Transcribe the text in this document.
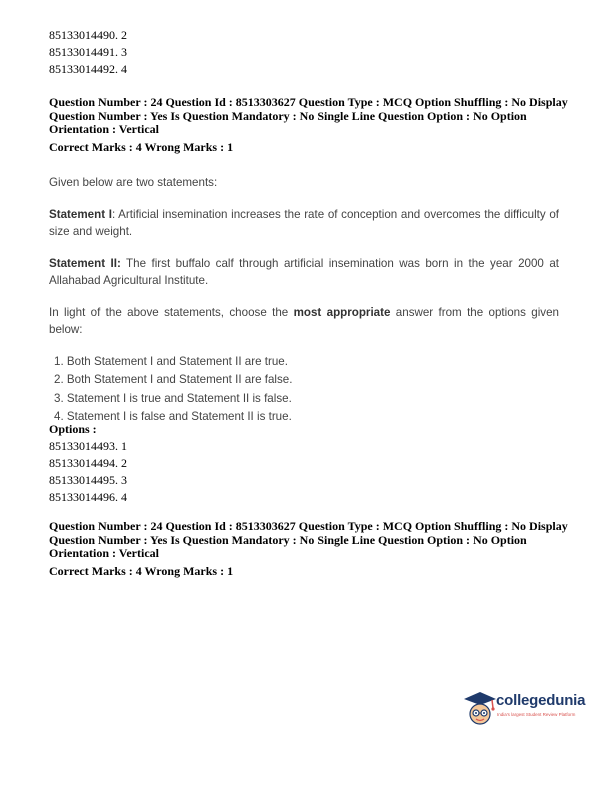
85133014490. 2
85133014491. 3
85133014492. 4
Question Number : 24 Question Id : 8513303627 Question Type : MCQ Option Shuffling : No Display
Question Number : Yes Is Question Mandatory : No Single Line Question Option : No Option
Orientation : Vertical
Correct Marks : 4 Wrong Marks : 1

Given below are two statements:

Statement I: Artificial insemination increases the rate of conception and overcomes the difficulty of size and weight.

Statement II: The first buffalo calf through artificial insemination was born in the year 2000 at Allahabad Agricultural Institute.

In light of the above statements, choose the most appropriate answer from the options given below:

1. Both Statement I and Statement II are true.
2. Both Statement I and Statement II are false.
3. Statement I is true and Statement II is false.
4. Statement I is false and Statement II is true.
Options :
85133014493. 1
85133014494. 2
85133014495. 3
85133014496. 4
Question Number : 24 Question Id : 8513303627 Question Type : MCQ Option Shuffling : No Display
Question Number : Yes Is Question Mandatory : No Single Line Question Option : No Option
Orientation : Vertical
Correct Marks : 4 Wrong Marks : 1
collegedunia
India's largest Student Review Platform
